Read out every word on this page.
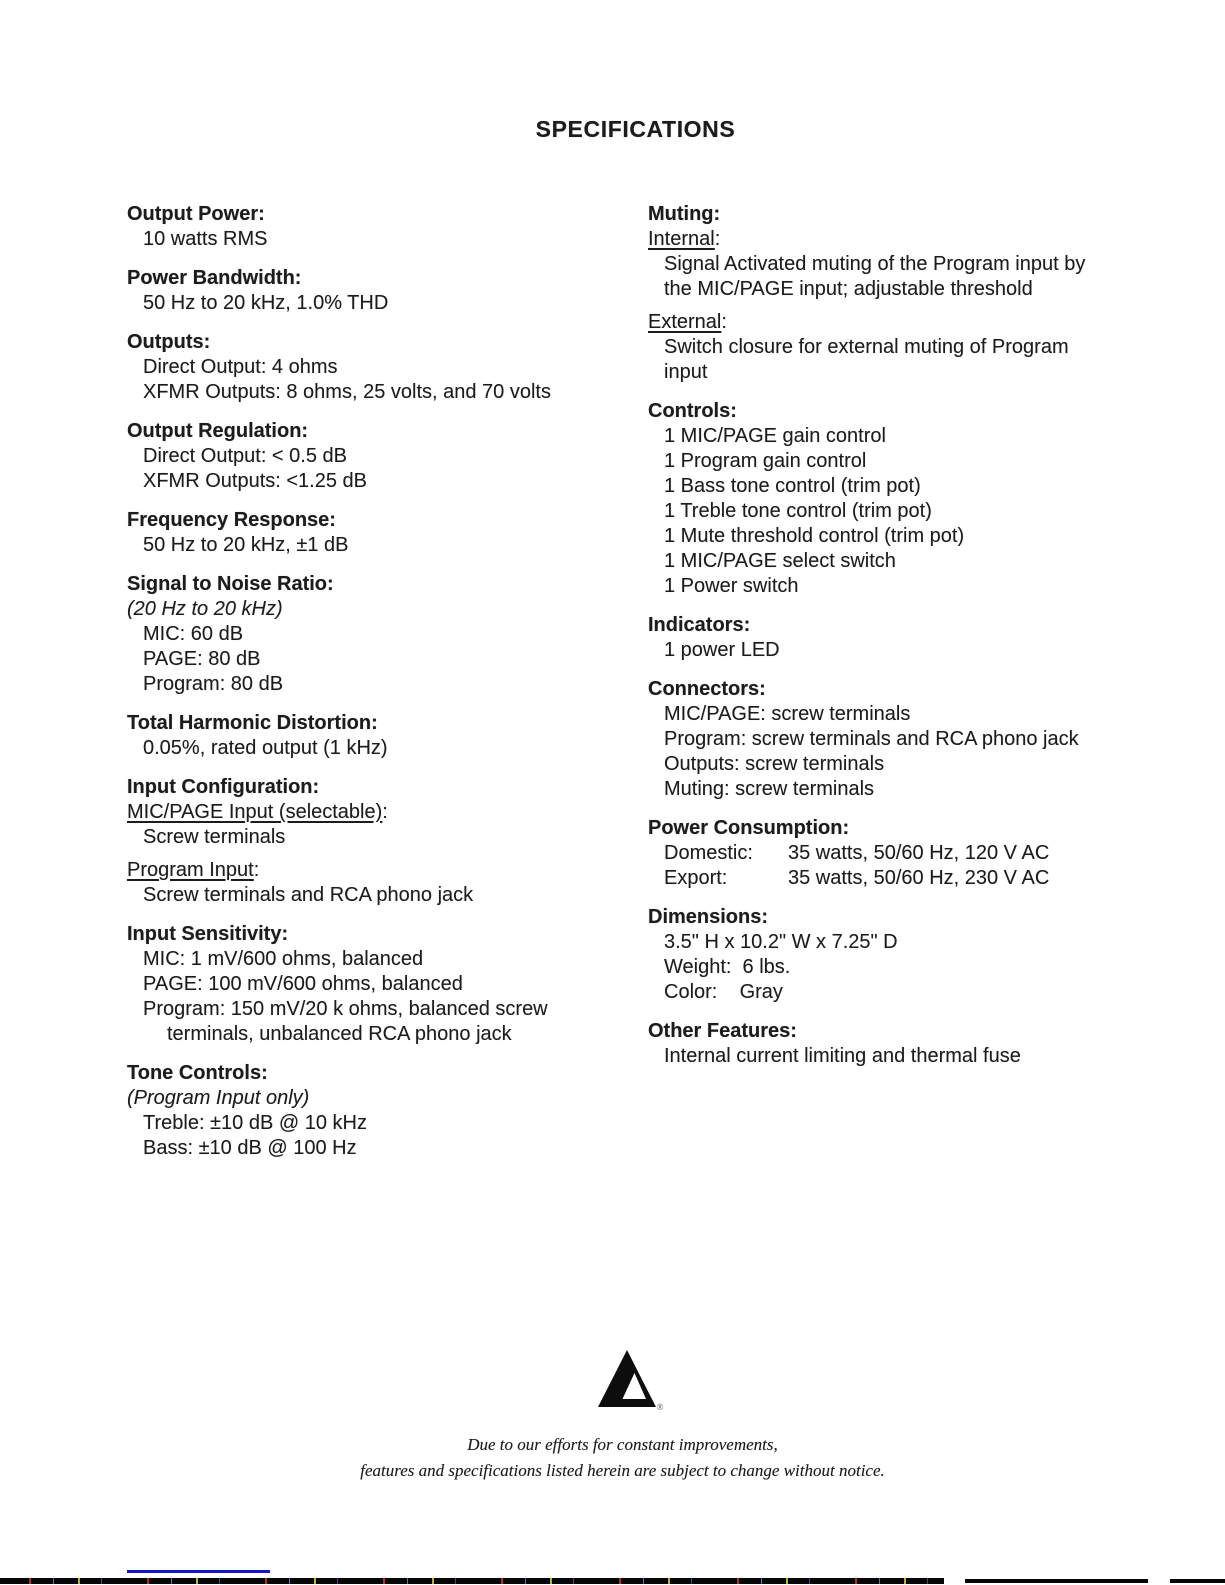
SPECIFICATIONS
Output Power:
10 watts RMS
Power Bandwidth:
50 Hz to 20 kHz, 1.0% THD
Outputs:
Direct Output: 4 ohms
XFMR Outputs: 8 ohms, 25 volts, and 70 volts
Output Regulation:
Direct Output: < 0.5 dB
XFMR Outputs: <1.25 dB
Frequency Response:
50 Hz to 20 kHz, ±1 dB
Signal to Noise Ratio:
(20 Hz to 20 kHz)
MIC: 60 dB
PAGE: 80 dB
Program: 80 dB
Total Harmonic Distortion:
0.05%, rated output (1 kHz)
Input Configuration:
MIC/PAGE Input (selectable):
Screw terminals
Program Input:
Screw terminals and RCA phono jack
Input Sensitivity:
MIC: 1 mV/600 ohms, balanced
PAGE: 100 mV/600 ohms, balanced
Program: 150 mV/20 k ohms, balanced screw
terminals, unbalanced RCA phono jack
Tone Controls:
(Program Input only)
Treble: ±10 dB @ 10 kHz
Bass: ±10 dB @ 100 Hz
Muting:
Internal:
Signal Activated muting of the Program input by
the MIC/PAGE input; adjustable threshold
External:
Switch closure for external muting of Program
input
Controls:
1 MIC/PAGE gain control
1 Program gain control
1 Bass tone control (trim pot)
1 Treble tone control (trim pot)
1 Mute threshold control (trim pot)
1 MIC/PAGE select switch
1 Power switch
Indicators:
1 power LED
Connectors:
MIC/PAGE: screw terminals
Program: screw terminals and RCA phono jack
Outputs: screw terminals
Muting: screw terminals
Power Consumption:
Domestic: 35 watts, 50/60 Hz, 120 V AC
Export:	35 watts, 50/60 Hz, 230 V AC
Dimensions:
3.5" H x 10.2" W x 7.25" D
Weight:  6 lbs.
Color:    Gray
Other Features:
Internal current limiting and thermal fuse
®
Due to our efforts for constant improvements,
features and specifications listed herein are subject to change without notice.
